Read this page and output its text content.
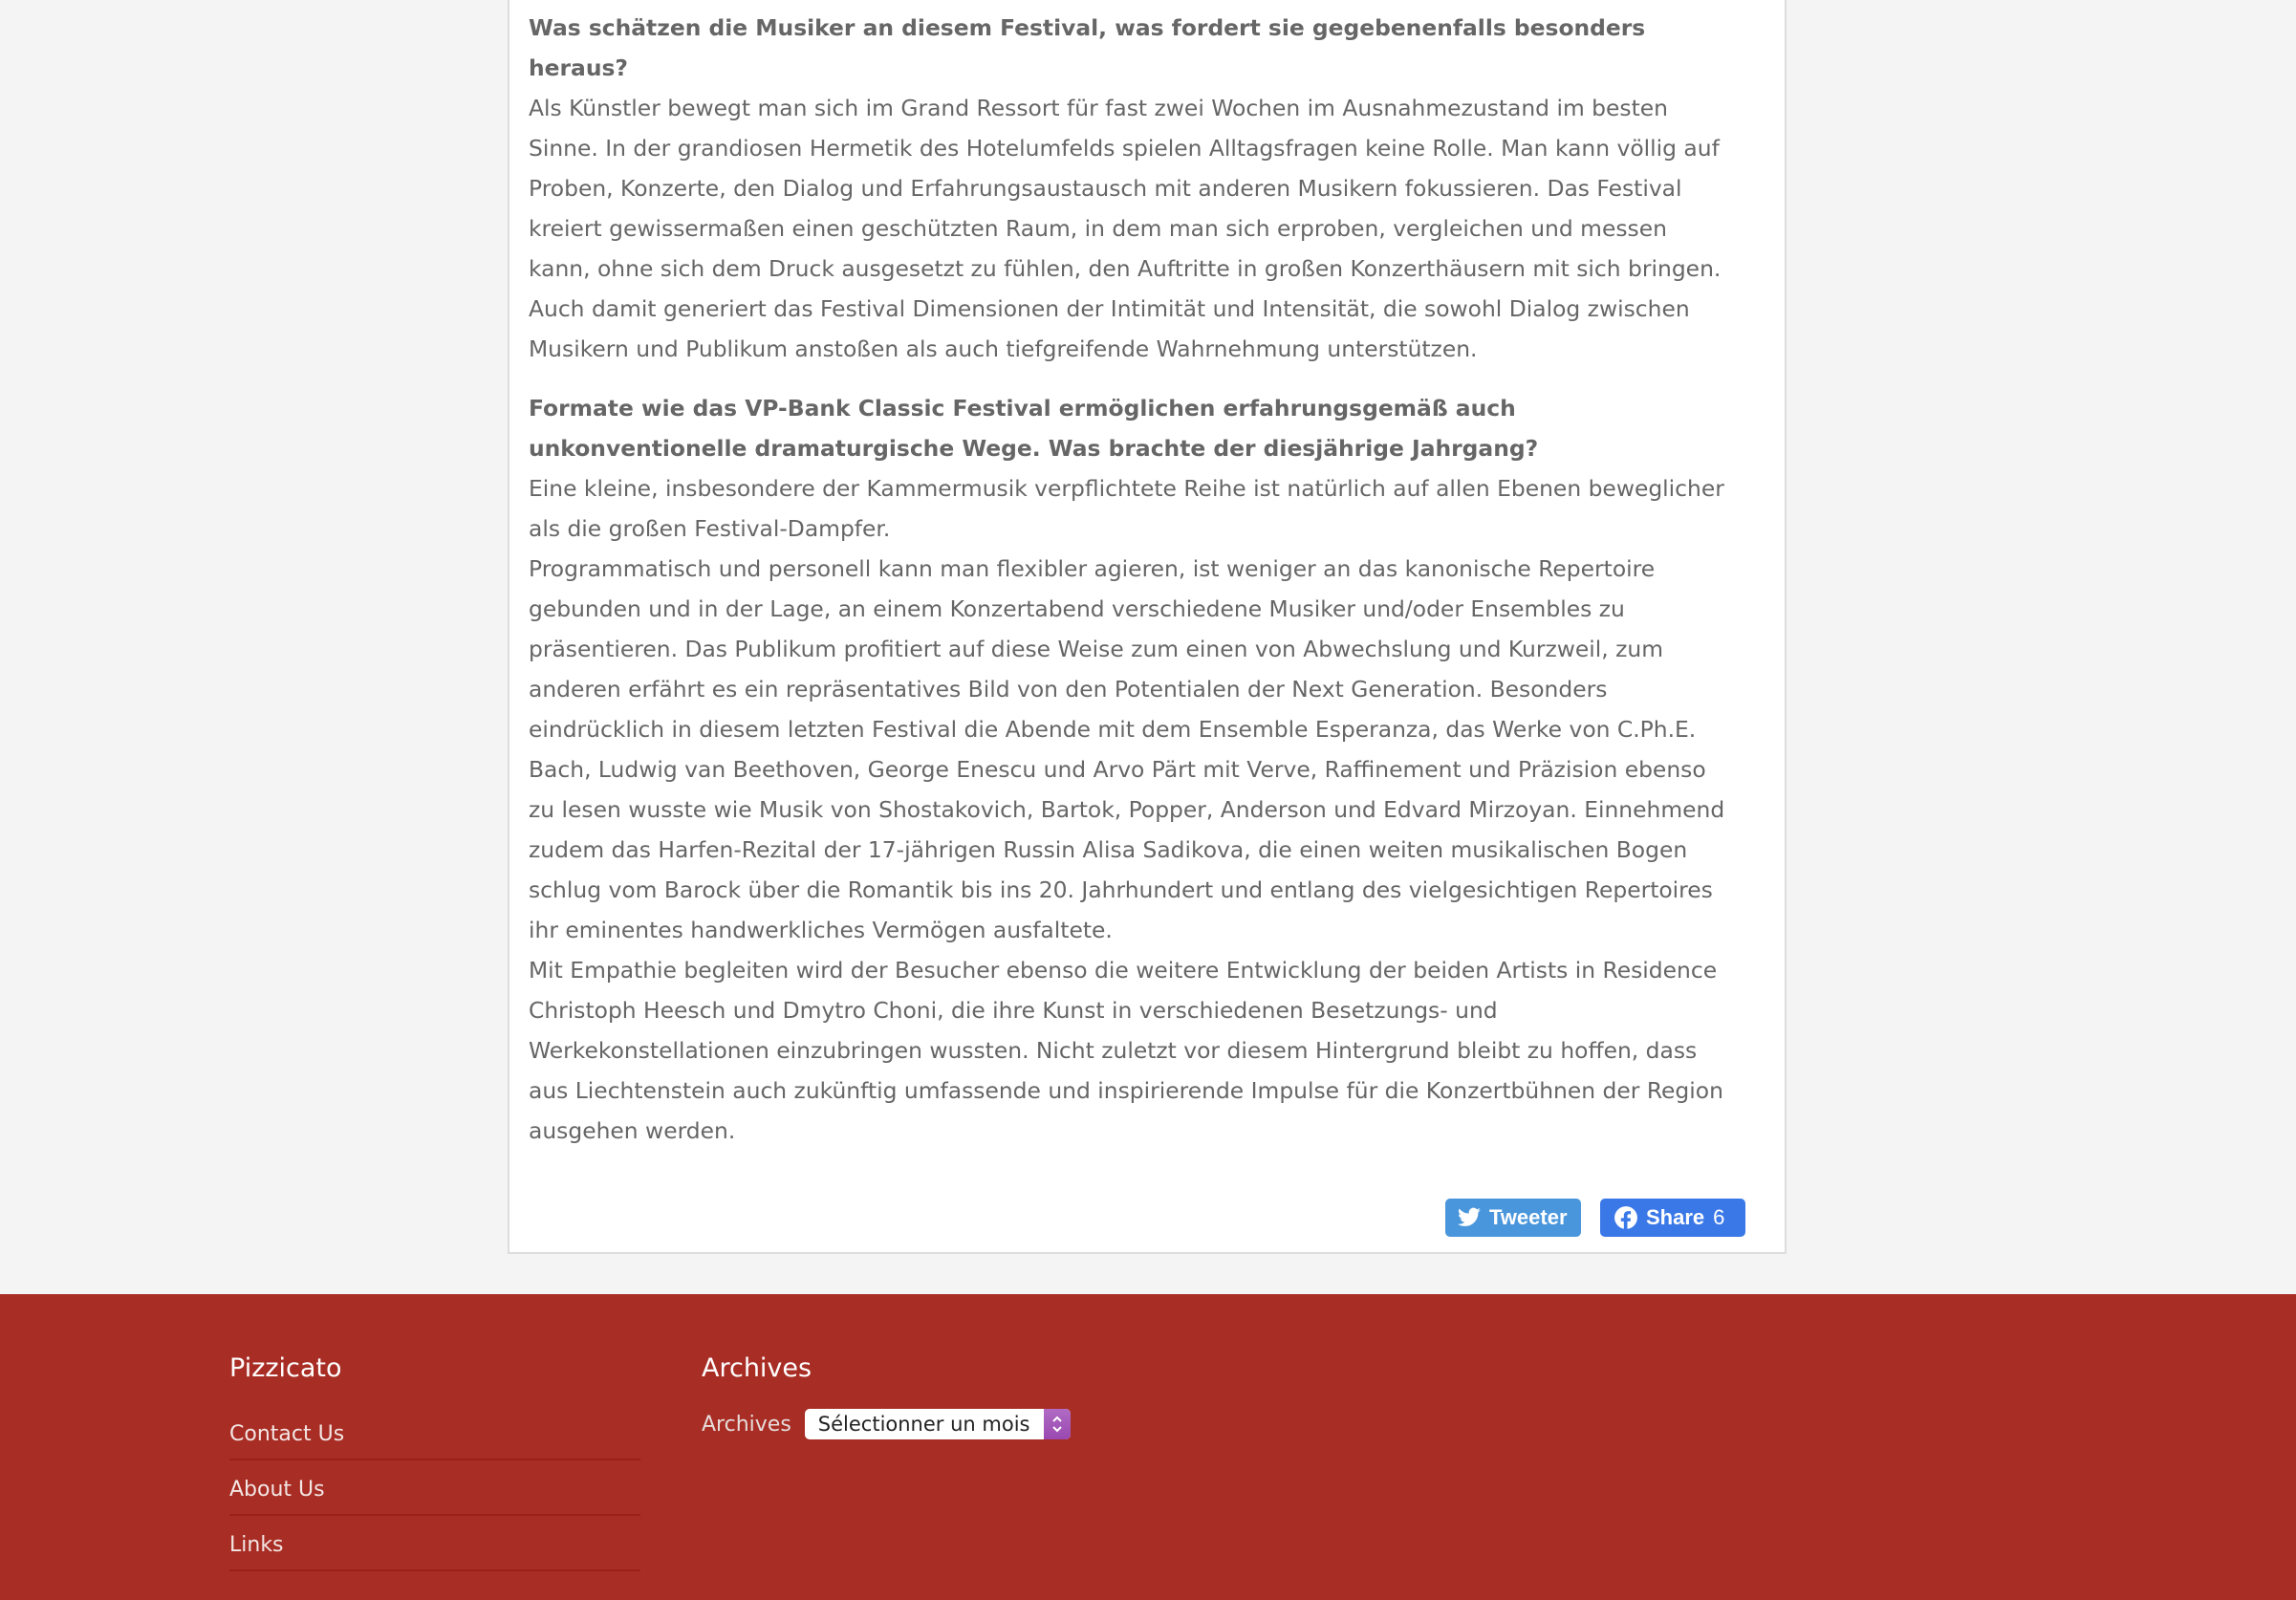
Was schätzen die Musiker an diesem Festival, was fordert sie gegebenenfalls besonders
heraus?
Als Künstler bewegt man sich im Grand Ressort für fast zwei Wochen im Ausnahmezustand im besten
Sinne. In der grandiosen Hermetik des Hotelumfelds spielen Alltagsfragen keine Rolle. Man kann völlig auf
Proben, Konzerte, den Dialog und Erfahrungsaustausch mit anderen Musikern fokussieren. Das Festival
kreiert gewissermaßen einen geschützten Raum, in dem man sich erproben, vergleichen und messen
kann, ohne sich dem Druck ausgesetzt zu fühlen, den Auftritte in großen Konzerthäusern mit sich bringen.
Auch damit generiert das Festival Dimensionen der Intimität und Intensität, die sowohl Dialog zwischen
Musikern und Publikum anstoßen als auch tiefgreifende Wahrnehmung unterstützen.
Formate wie das VP-Bank Classic Festival ermöglichen erfahrungsgemäß auch
unkonventionelle dramaturgische Wege. Was brachte der diesjährige Jahrgang?
Eine kleine, insbesondere der Kammermusik verpflichtete Reihe ist natürlich auf allen Ebenen beweglicher
als die großen Festival-Dampfer.
Programmatisch und personell kann man flexibler agieren, ist weniger an das kanonische Repertoire
gebunden und in der Lage, an einem Konzertabend verschiedene Musiker und/oder Ensembles zu
präsentieren. Das Publikum profitiert auf diese Weise zum einen von Abwechslung und Kurzweil, zum
anderen erfährt es ein repräsentatives Bild von den Potentialen der Next Generation. Besonders
eindrücklich in diesem letzten Festival die Abende mit dem Ensemble Esperanza, das Werke von C.Ph.E.
Bach, Ludwig van Beethoven, George Enescu und Arvo Pärt mit Verve, Raffinement und Präzision ebenso
zu lesen wusste wie Musik von Shostakovich, Bartok, Popper, Anderson und Edvard Mirzoyan. Einnehmend
zudem das Harfen-Rezital der 17-jährigen Russin Alisa Sadikova, die einen weiten musikalischen Bogen
schlug vom Barock über die Romantik bis ins 20. Jahrhundert und entlang des vielgesichtigen Repertoires
ihr eminentes handwerkliches Vermögen ausfaltete.
Mit Empathie begleiten wird der Besucher ebenso die weitere Entwicklung der beiden Artists in Residence
Christoph Heesch und Dmytro Choni, die ihre Kunst in verschiedenen Besetzungs- und
Werkekonstellationen einzubringen wussten. Nicht zuletzt vor diesem Hintergrund bleibt zu hoffen, dass
aus Liechtenstein auch zukünftig umfassende und inspirierende Impulse für die Konzertbühnen der Region
ausgehen werden.
Tweeter	Share 6
Pizzicato
Contact Us
About Us
Links
Archives
Archives	Sélectionner un mois
